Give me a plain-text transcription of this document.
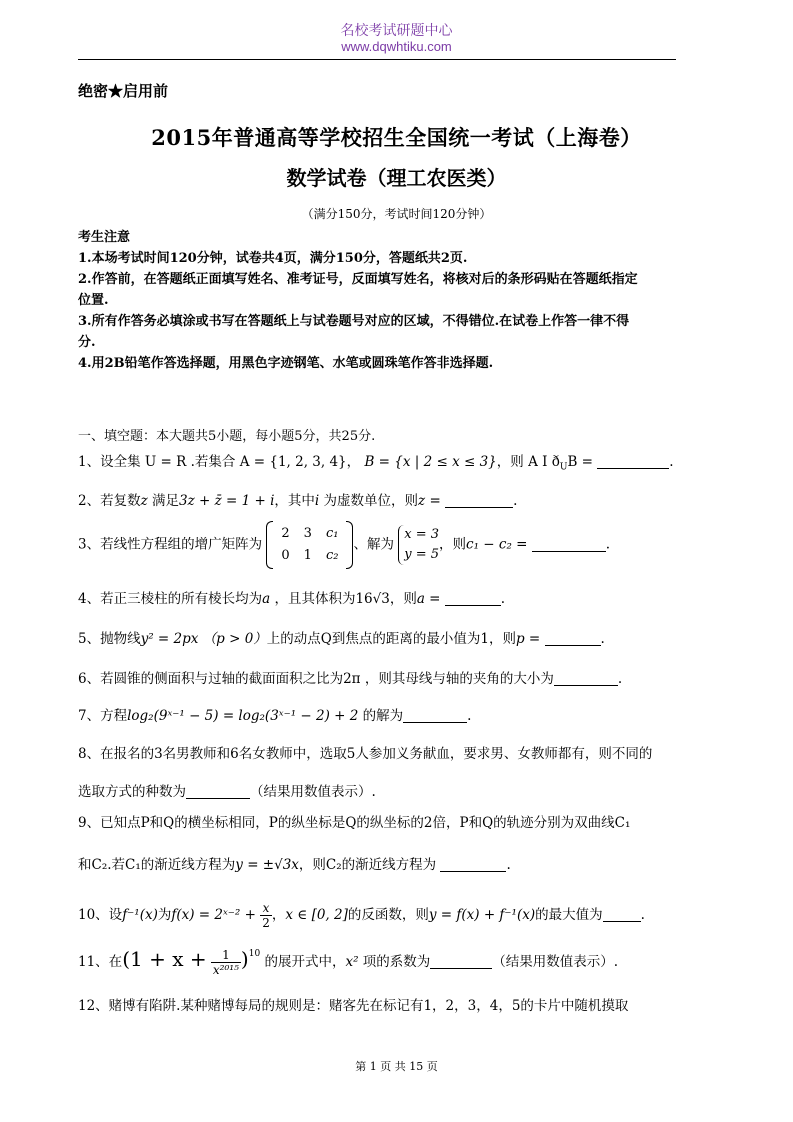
名校考试研题中心
www.dqwhtiku.com
绝密★启用前
2015年普通高等学校招生全国统一考试（上海卷）
数学试卷（理工农医类）
（满分150分，考试时间120分钟）
考生注意
1.本场考试时间120分钟，试卷共4页，满分150分，答题纸共2页.
2.作答前，在答题纸正面填写姓名、准考证号，反面填写姓名，将核对后的条形码贴在答题纸指定
位置.
3.所有作答务必填涂或书写在答题纸上与试卷题号对应的区域，不得错位.在试卷上作答一律不得
分.
4.用2B铅笔作答选择题，用黑色字迹钢笔、水笔或圆珠笔作答非选择题.
一、填空题：本大题共5小题，每小题5分，共25分.
1、设全集 U = R .若集合 A = {1, 2, 3, 4}， B = {x | 2 ≤ x ≤ 3}，则 A I $ð_UB$ =	.
2、若复数z 满足3z + z̄ = 1 + i，其中i 为虚数单位，则z =	.
3、若线性方程组的增广矩阵为
2	3	c₁
0	1	c₂
、解为
x = 3
y = 5
，则c₁ − c₂ =	.
4、若正三棱柱的所有棱长均为a ，且其体积为16√3，则a =	.
5、抛物线y² = 2px （p > 0）上的动点Q到焦点的距离的最小值为1，则p =	.
6、若圆锥的侧面积与过轴的截面面积之比为2π ，则其母线与轴的夹角的大小为	.
7、方程log₂(9ˣ⁻¹ − 5) = log₂(3ˣ⁻¹ − 2) + 2 的解为	.
8、在报名的3名男教师和6名女教师中，选取5人参加义务献血，要求男、女教师都有，则不同的
选取方式的种数为	（结果用数值表示）.
9、已知点P和Q的横坐标相同，P的纵坐标是Q的纵坐标的2倍，P和Q的轨迹分别为双曲线C₁
和C₂.若C₁的渐近线方程为y = ±√3x，则C₂的渐近线方程为	.
10、设f⁻¹(x)为f(x) = 2ˣ⁻² + $\frac{x}{2}$ ，x ∈ [0, 2]的反函数，则y = f(x) + f⁻¹(x)的最大值为	.
11、在$(1 + x + \frac{1}{\text{x²⁰¹⁵}} )^{10}$ 的展开式中，x² 项的系数为	（结果用数值表示）.
12、赌博有陷阱.某种赌博每局的规则是：赌客先在标记有1，2，3，4，5的卡片中随机摸取
第 1 页 共 15 页
